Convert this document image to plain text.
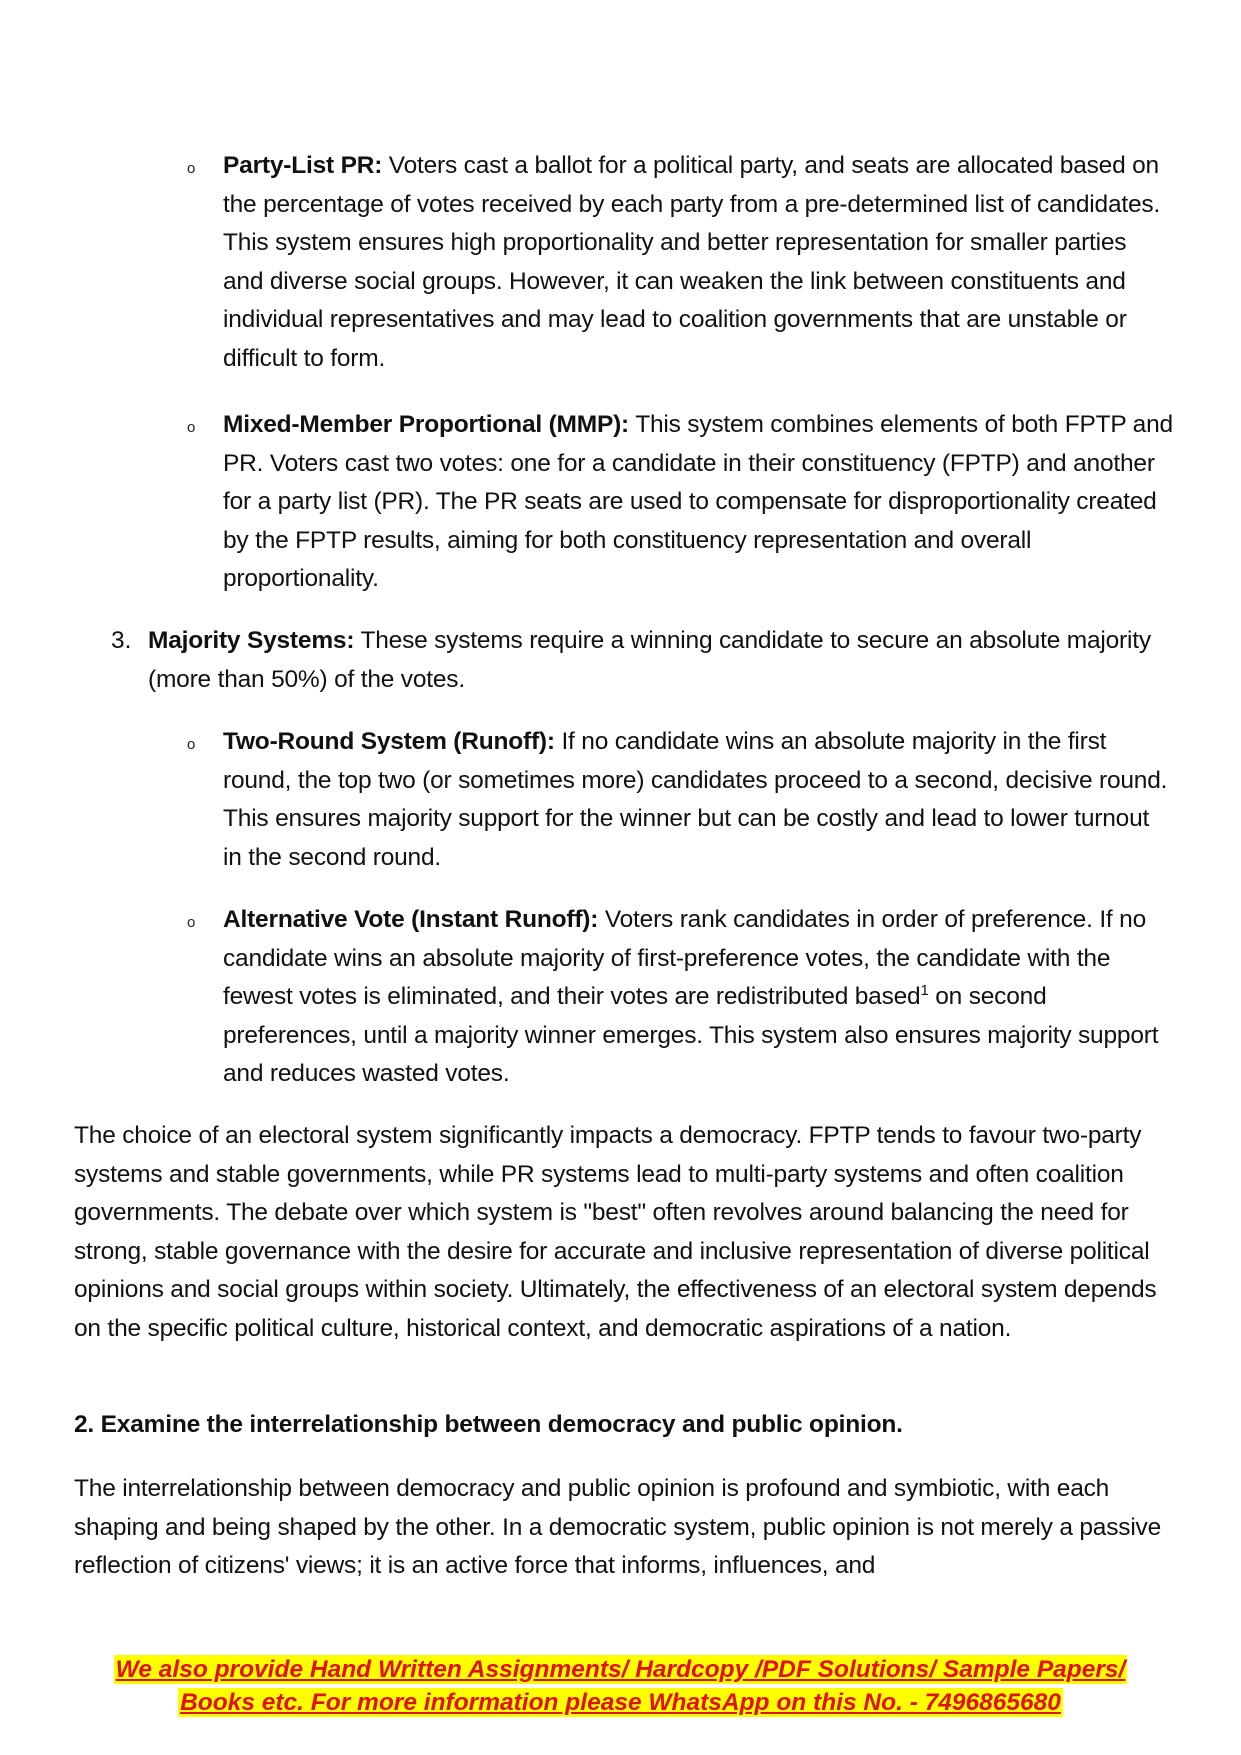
o Party-List PR: Voters cast a ballot for a political party, and seats are allocated based on the percentage of votes received by each party from a pre-determined list of candidates. This system ensures high proportionality and better representation for smaller parties and diverse social groups. However, it can weaken the link between constituents and individual representatives and may lead to coalition governments that are unstable or difficult to form.

o Mixed-Member Proportional (MMP): This system combines elements of both FPTP and PR. Voters cast two votes: one for a candidate in their constituency (FPTP) and another for a party list (PR). The PR seats are used to compensate for disproportionality created by the FPTP results, aiming for both constituency representation and overall proportionality.

3. Majority Systems: These systems require a winning candidate to secure an absolute majority (more than 50%) of the votes.

o Two-Round System (Runoff): If no candidate wins an absolute majority in the first round, the top two (or sometimes more) candidates proceed to a second, decisive round. This ensures majority support for the winner but can be costly and lead to lower turnout in the second round.

o Alternative Vote (Instant Runoff): Voters rank candidates in order of preference. If no candidate wins an absolute majority of first-preference votes, the candidate with the fewest votes is eliminated, and their votes are redistributed based$^1$ on second preferences, until a majority winner emerges. This system also ensures majority support and reduces wasted votes.

The choice of an electoral system significantly impacts a democracy. FPTP tends to favour two-party systems and stable governments, while PR systems lead to multi-party systems and often coalition governments. The debate over which system is "best" often revolves around balancing the need for strong, stable governance with the desire for accurate and inclusive representation of diverse political opinions and social groups within society. Ultimately, the effectiveness of an electoral system depends on the specific political culture, historical context, and democratic aspirations of a nation.

2. Examine the interrelationship between democracy and public opinion.

The interrelationship between democracy and public opinion is profound and symbiotic, with each shaping and being shaped by the other. In a democratic system, public opinion is not merely a passive reflection of citizens' views; it is an active force that informs, influences, and

We also provide Hand Written Assignments/ Hardcopy /PDF Solutions/ Sample Papers/
Books etc. For more information please WhatsApp on this No. - 7496865680
